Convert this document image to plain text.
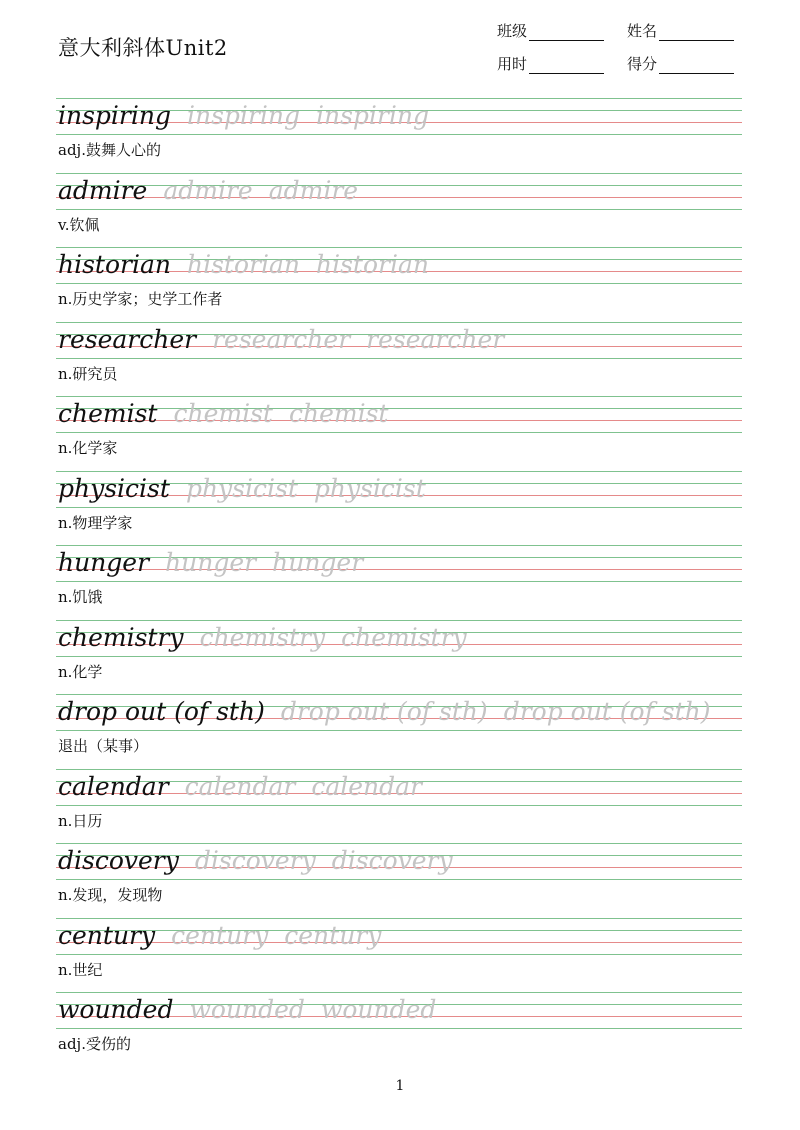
意大利斜体Unit2
班级	姓名
用时	得分
inspiring inspiring inspiring
adj.鼓舞人心的
admire admire admire
v.钦佩
historian historian historian
n.历史学家；史学工作者
researcher researcher researcher
n.研究员
chemist chemist chemist
n.化学家
physicist physicist physicist
n.物理学家
hunger hunger hunger
n.饥饿
chemistry chemistry chemistry
n.化学
drop out (of sth) drop out (of sth) drop out (of sth)
退出（某事）
calendar calendar calendar
n.日历
discovery discovery discovery
n.发现，发现物
century century century
n.世纪
wounded wounded wounded
adj.受伤的
1
